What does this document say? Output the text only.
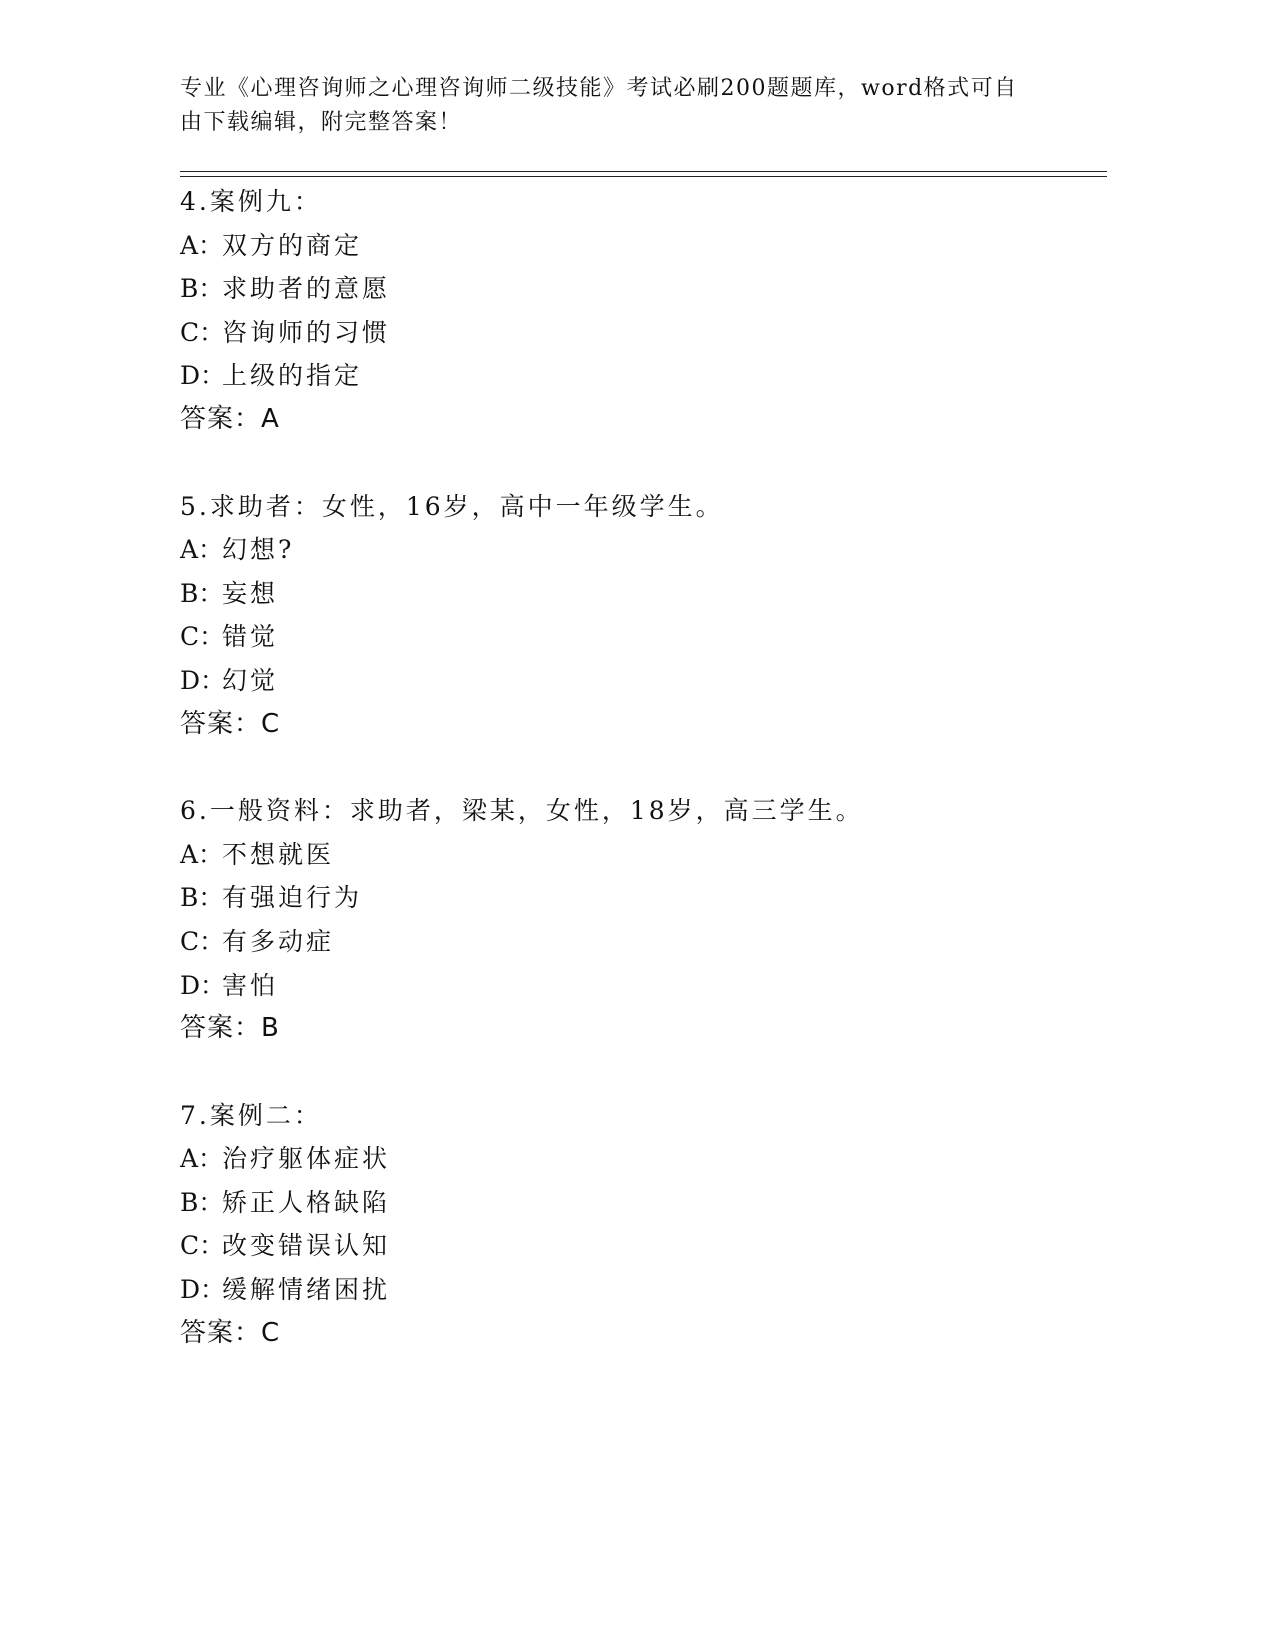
专业《心理咨询师之心理咨询师二级技能》考试必刷200题题库，word格式可自
由下载编辑，附完整答案！
4.案例九：
A：双方的商定
B：求助者的意愿
C：咨询师的习惯
D：上级的指定
答案：A
5.求助者：女性，16岁，高中一年级学生。
A：幻想?
B：妄想
C：错觉
D：幻觉
答案：C
6.一般资料：求助者，梁某，女性，18岁，高三学生。
A：不想就医
B：有强迫行为
C：有多动症
D：害怕
答案：B
7.案例二：
A：治疗躯体症状
B：矫正人格缺陷
C：改变错误认知
D：缓解情绪困扰
答案：C
